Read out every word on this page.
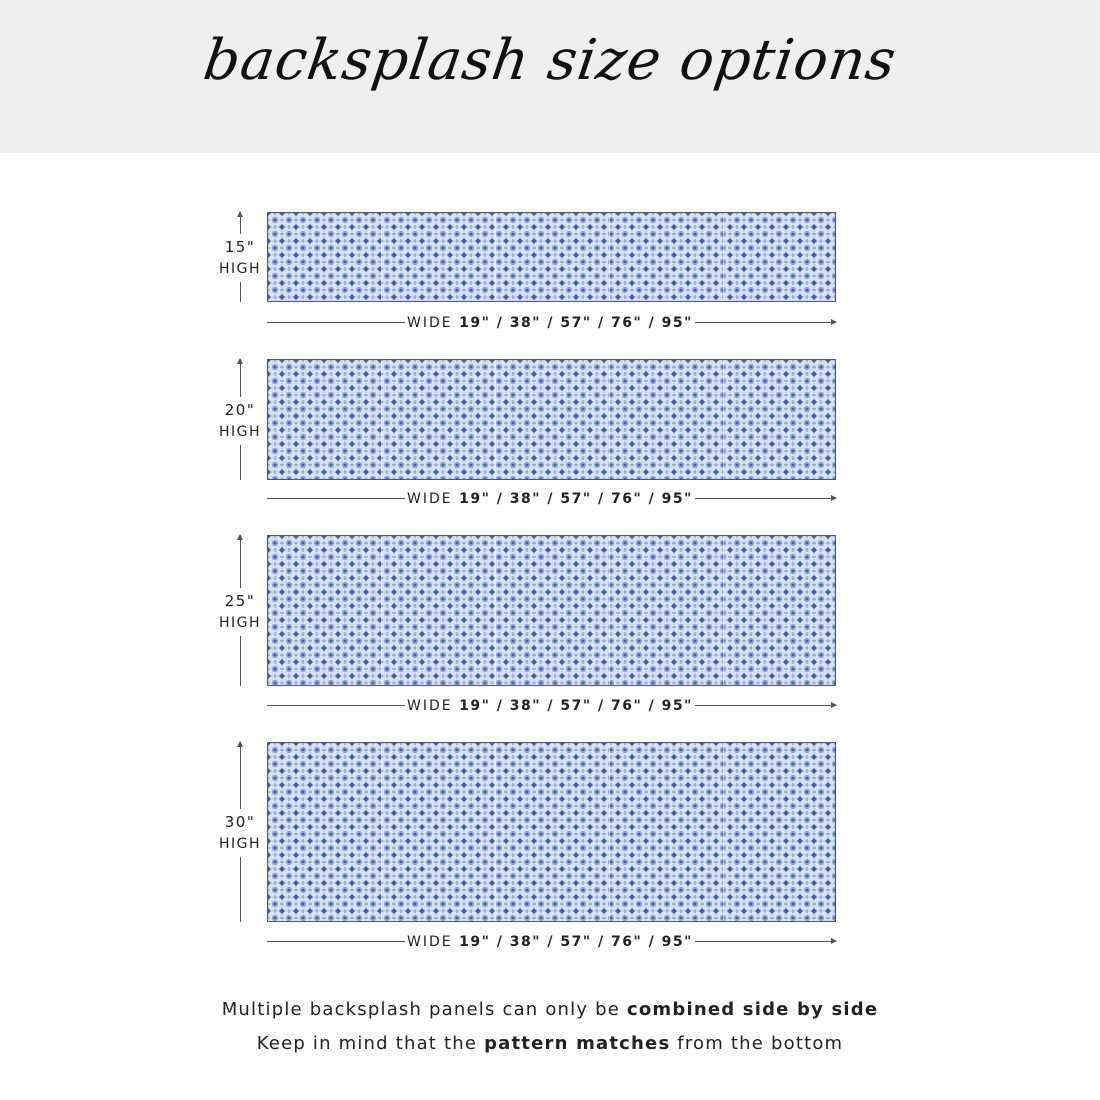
backsplash size options
15"
HIGH
WIDE 19" / 38" / 57" / 76" / 95"
20"
HIGH
WIDE 19" / 38" / 57" / 76" / 95"
25"
HIGH
WIDE 19" / 38" / 57" / 76" / 95"
30"
HIGH
WIDE 19" / 38" / 57" / 76" / 95"

Multiple backsplash panels can only be combined side by side

Keep in mind that the pattern matches from the bottom
